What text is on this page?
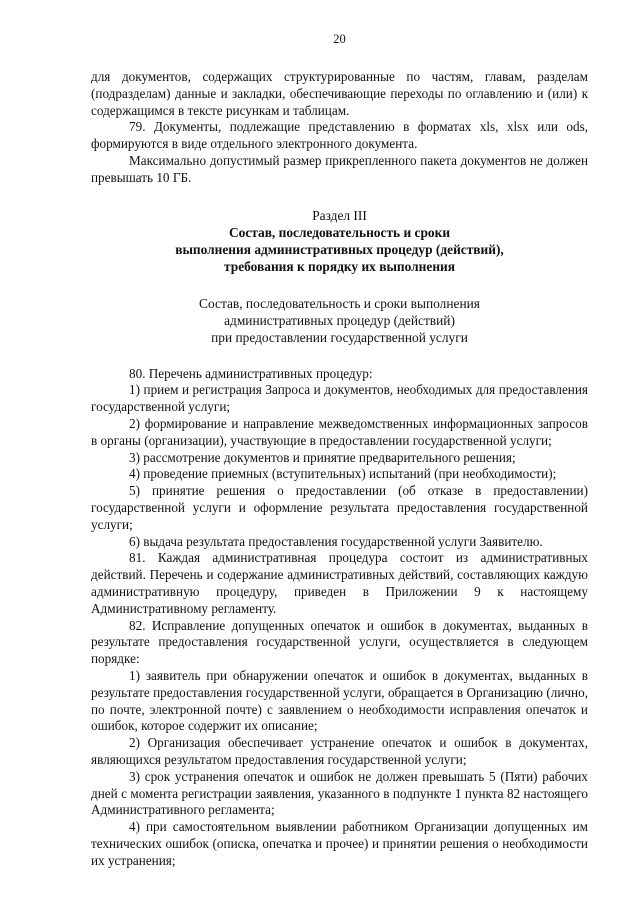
20

для документов, содержащих структурированные по частям, главам, разделам (подразделам) данные и закладки, обеспечивающие переходы по оглавлению и (или) к содержащимся в тексте рисункам и таблицам.

79. Документы, подлежащие представлению в форматах xls, xlsx или ods, формируются в виде отдельного электронного документа.

Максимально допустимый размер прикрепленного пакета документов не должен превышать 10 ГБ.

Раздел III
Состав, последовательность и сроки
выполнения административных процедур (действий),
требования к порядку их выполнения
Состав, последовательность и сроки выполнения
административных процедур (действий)
при предоставлении государственной услуги

80. Перечень административных процедур:

1) прием и регистрация Запроса и документов, необходимых для предоставления государственной услуги;

2) формирование и направление межведомственных информационных запросов в органы (организации), участвующие в предоставлении государственной услуги;

3) рассмотрение документов и принятие предварительного решения;

4) проведение приемных (вступительных) испытаний (при необходимости);

5) принятие решения о предоставлении (об отказе в предоставлении) государственной услуги и оформление результата предоставления государственной услуги;

6) выдача результата предоставления государственной услуги Заявителю.

81. Каждая административная процедура состоит из административных действий. Перечень и содержание административных действий, составляющих каждую административную процедуру, приведен в Приложении 9 к настоящему Административному регламенту.

82. Исправление допущенных опечаток и ошибок в документах, выданных в результате предоставления государственной услуги, осуществляется в следующем порядке:

1) заявитель при обнаружении опечаток и ошибок в документах, выданных в результате предоставления государственной услуги, обращается в Организацию (лично, по почте, электронной почте) с заявлением о необходимости исправления опечаток и ошибок, которое содержит их описание;

2) Организация обеспечивает устранение опечаток и ошибок в документах, являющихся результатом предоставления государственной услуги;

3) срок устранения опечаток и ошибок не должен превышать 5 (Пяти) рабочих дней с момента регистрации заявления, указанного в подпункте 1 пункта 82 настоящего Административного регламента;

4) при самостоятельном выявлении работником Организации допущенных им технических ошибок (описка, опечатка и прочее) и принятии решения о необходимости их устранения;
